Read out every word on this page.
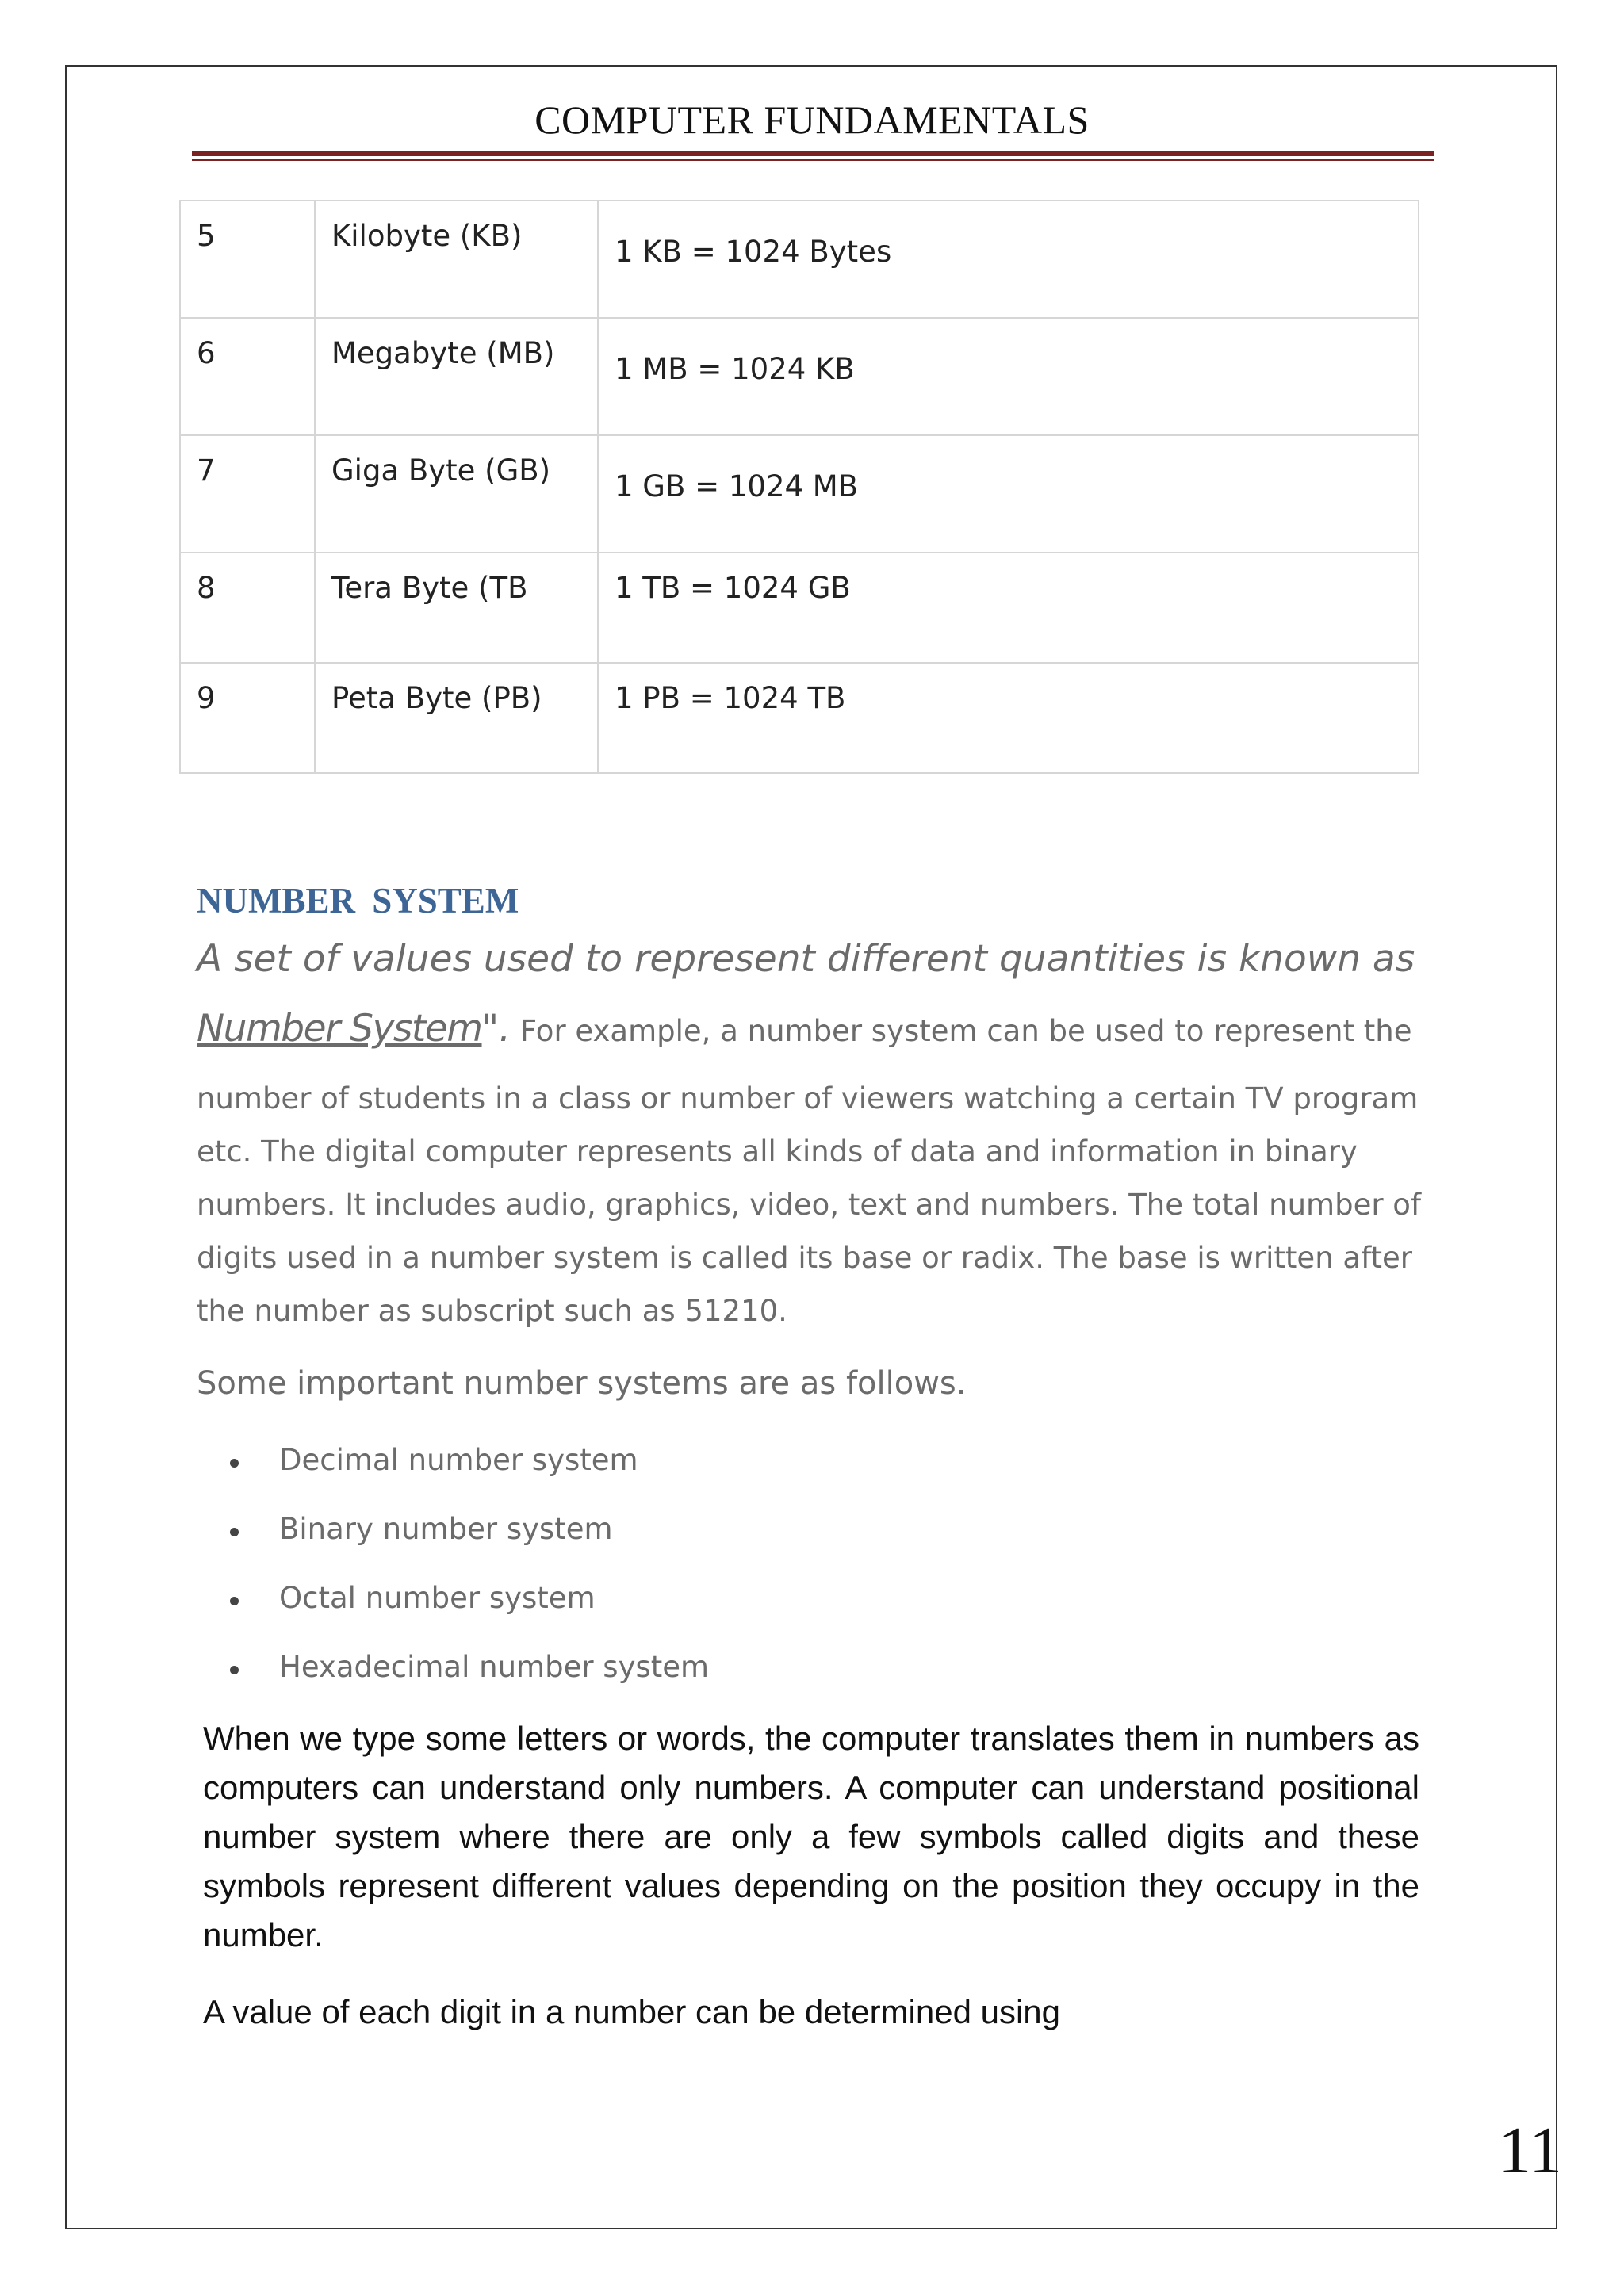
COMPUTER FUNDAMENTALS
5	Kilobyte (KB)	1 KB = 1024 Bytes

6	Megabyte (MB)	1 MB = 1024 KB

7	Giga Byte (GB)	1 GB = 1024 MB

8	Tera Byte (TB	1 TB = 1024 GB

9	Peta Byte (PB)	1 PB = 1024 TB
NUMBER SYSTEM
A set of values used to represent different quantities is known as
Number System". For example, a number system can be used to represent the
number of students in a class or number of viewers watching a certain TV program
etc. The digital computer represents all kinds of data and information in binary
numbers. It includes audio, graphics, video, text and numbers. The total number of
digits used in a number system is called its base or radix. The base is written after
the number as subscript such as 51210.
Some important number systems are as follows.
Decimal number system
Binary number system
Octal number system
Hexadecimal number system
When we type some letters or words, the computer translates them in numbers as computers can understand only numbers. A computer can understand positional number system where there are only a few symbols called digits and these symbols represent different values depending on the position they occupy in the number.
A value of each digit in a number can be determined using
11
